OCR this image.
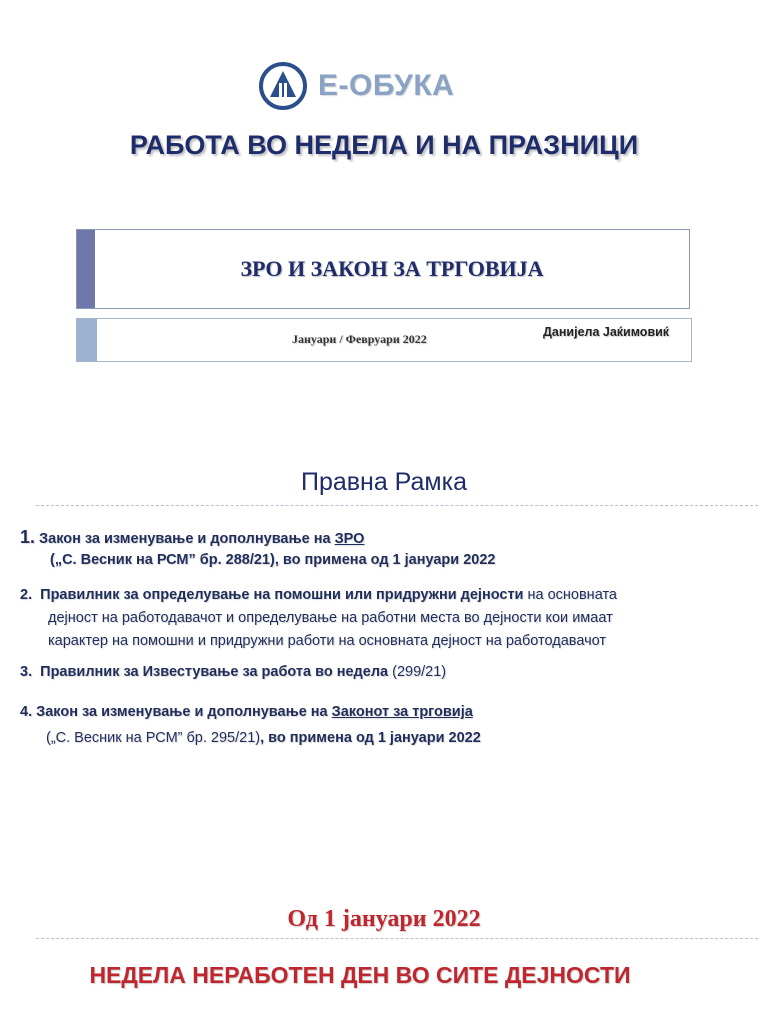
Е-ОБУКА
РАБОТА ВО НЕДЕЛА И НА ПРАЗНИЦИ
ЗРО И ЗАКОН ЗА ТРГОВИЈА
Јануари / Февруари 2022	Данијела Јаќимовиќ
Правна Рамка
1. Закон за изменување и дополнување на ЗРО
(„С. Весник на РСМ” бр. 288/21), во примена од 1 јануари 2022
2. Правилник за определување на помошни или придружни дејности на основната
дејност на работодавачот и определување на работни места во дејности кои имаат
карактер на помошни и придружни работи на основната дејност на работодавачот
3. Правилник за Известување за работа во недела (299/21)
4. Закон за изменување и дополнување на Законот за трговија
(„С. Весник на РСМ” бр. 295/21), во примена од 1 јануари 2022
Од 1 јануари 2022
НЕДЕЛА НЕРАБОТЕН ДЕН ВО СИТЕ ДЕЈНОСТИ
